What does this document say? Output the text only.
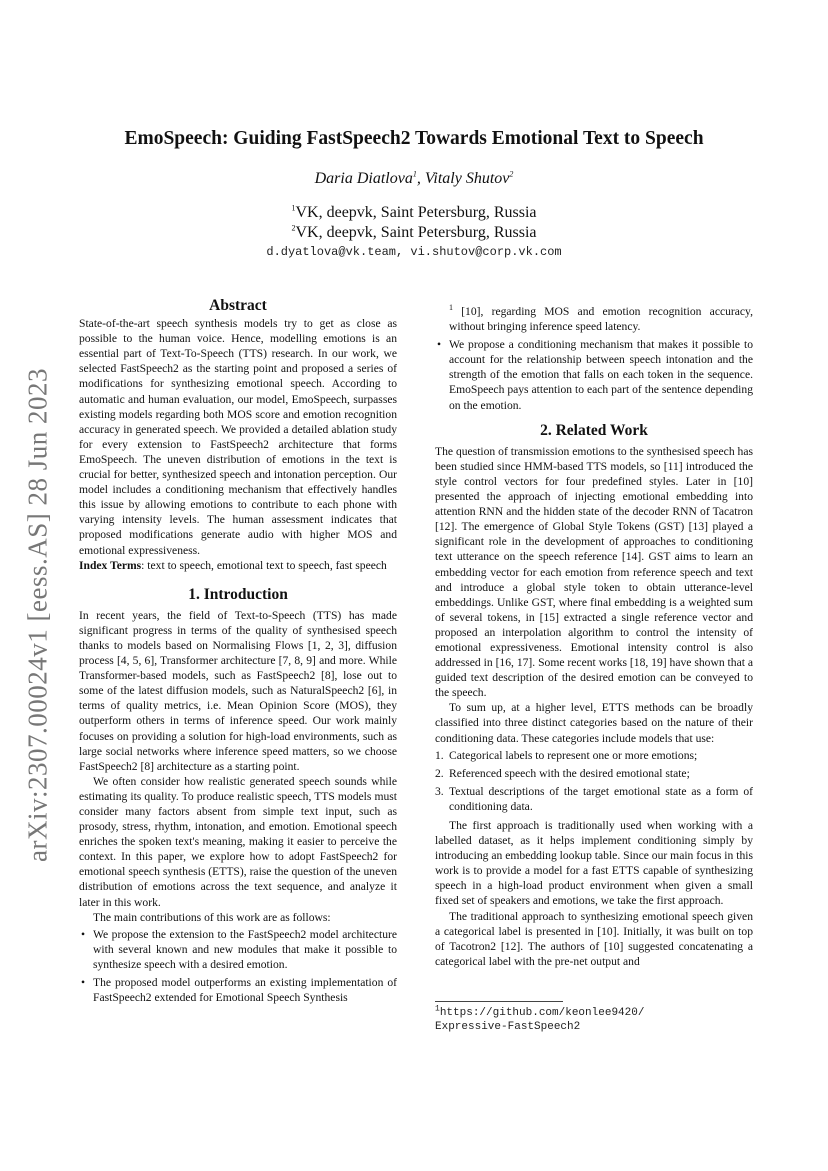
arXiv:2307.00024v1 [eess.AS] 28 Jun 2023
EmoSpeech: Guiding FastSpeech2 Towards Emotional Text to Speech
Daria Diatlova$^1$, Vitaly Shutov$^2$
$^1$VK, deepvk, Saint Petersburg, Russia
$^2$VK, deepvk, Saint Petersburg, Russia
d.dyatlova@vk.team, vi.shutov@corp.vk.com
Abstract

State-of-the-art speech synthesis models try to get as close as possible to the human voice. Hence, modelling emotions is an essential part of Text-To-Speech (TTS) research. In our work, we selected FastSpeech2 as the starting point and proposed a series of modifications for synthesizing emotional speech. According to automatic and human evaluation, our model, EmoSpeech, surpasses existing models regarding both MOS score and emotion recognition accuracy in generated speech. We provided a detailed ablation study for every extension to FastSpeech2 architecture that forms EmoSpeech. The uneven distribution of emotions in the text is crucial for better, synthesized speech and intonation perception. Our model includes a conditioning mechanism that effectively handles this issue by allowing emotions to contribute to each phone with varying intensity levels. The human assessment indicates that proposed modifications generate audio with higher MOS and emotional expressiveness.

Index Terms: text to speech, emotional text to speech, fast speech

1. Introduction

In recent years, the field of Text-to-Speech (TTS) has made significant progress in terms of the quality of synthesised speech thanks to models based on Normalising Flows [1, 2, 3], diffusion process [4, 5, 6], Transformer architecture [7, 8, 9] and more. While Transformer-based models, such as FastSpeech2 [8], lose out to some of the latest diffusion models, such as NaturalSpeech2 [6], in terms of quality metrics, i.e. Mean Opinion Score (MOS), they outperform others in terms of inference speed. Our work mainly focuses on providing a solution for high-load environments, such as large social networks where inference speed matters, so we choose FastSpeech2 [8] architecture as a starting point.

We often consider how realistic generated speech sounds while estimating its quality. To produce realistic speech, TTS models must consider many factors absent from simple text input, such as prosody, stress, rhythm, intonation, and emotion. Emotional speech enriches the spoken text's meaning, making it easier to perceive the context. In this paper, we explore how to adopt FastSpeech2 for emotional speech synthesis (ETTS), raise the question of the uneven distribution of emotions across the text sequence, and analyze it later in this work.

The main contributions of this work are as follows:

• We propose the extension to the FastSpeech2 model architecture with several known and new modules that make it possible to synthesize speech with a desired emotion.
• The proposed model outperforms an existing implementation of FastSpeech2 extended for Emotional Speech Synthesis
$^1$ [10], regarding MOS and emotion recognition accuracy, without bringing inference speed latency.
• We propose a conditioning mechanism that makes it possible to account for the relationship between speech intonation and the strength of the emotion that falls on each token in the sequence. EmoSpeech pays attention to each part of the sentence depending on the emotion.
2. Related Work

The question of transmission emotions to the synthesised speech has been studied since HMM-based TTS models, so [11] introduced the style control vectors for four predefined styles. Later in [10] presented the approach of injecting emotional embedding into attention RNN and the hidden state of the decoder RNN of Tacatron [12]. The emergence of Global Style Tokens (GST) [13] played a significant role in the development of approaches to conditioning text utterance on the speech reference [14]. GST aims to learn an embedding vector for each emotion from reference speech and text and introduce a global style token to obtain utterance-level embeddings. Unlike GST, where final embedding is a weighted sum of several tokens, in [15] extracted a single reference vector and proposed an interpolation algorithm to control the intensity of emotional expressiveness. Emotional intensity control is also addressed in [16, 17]. Some recent works [18, 19] have shown that a guided text description of the desired emotion can be conveyed to the speech.

To sum up, at a higher level, ETTS methods can be broadly classified into three distinct categories based on the nature of their conditioning data. These categories include models that use:

1. Categorical labels to represent one or more emotions;
2. Referenced speech with the desired emotional state;
3. Textual descriptions of the target emotional state as a form of conditioning data.

The first approach is traditionally used when working with a labelled dataset, as it helps implement conditioning simply by introducing an embedding lookup table. Since our main focus in this work is to provide a model for a fast ETTS capable of synthesizing speech in a high-load product environment when given a small fixed set of speakers and emotions, we take the first approach.

The traditional approach to synthesizing emotional speech given a categorical label is presented in [10]. Initially, it was built on top of Tacotron2 [12]. The authors of [10] suggested concatenating a categorical label with the pre-net output and

$^1$https://github.com/keonlee9420/
Expressive-FastSpeech2
